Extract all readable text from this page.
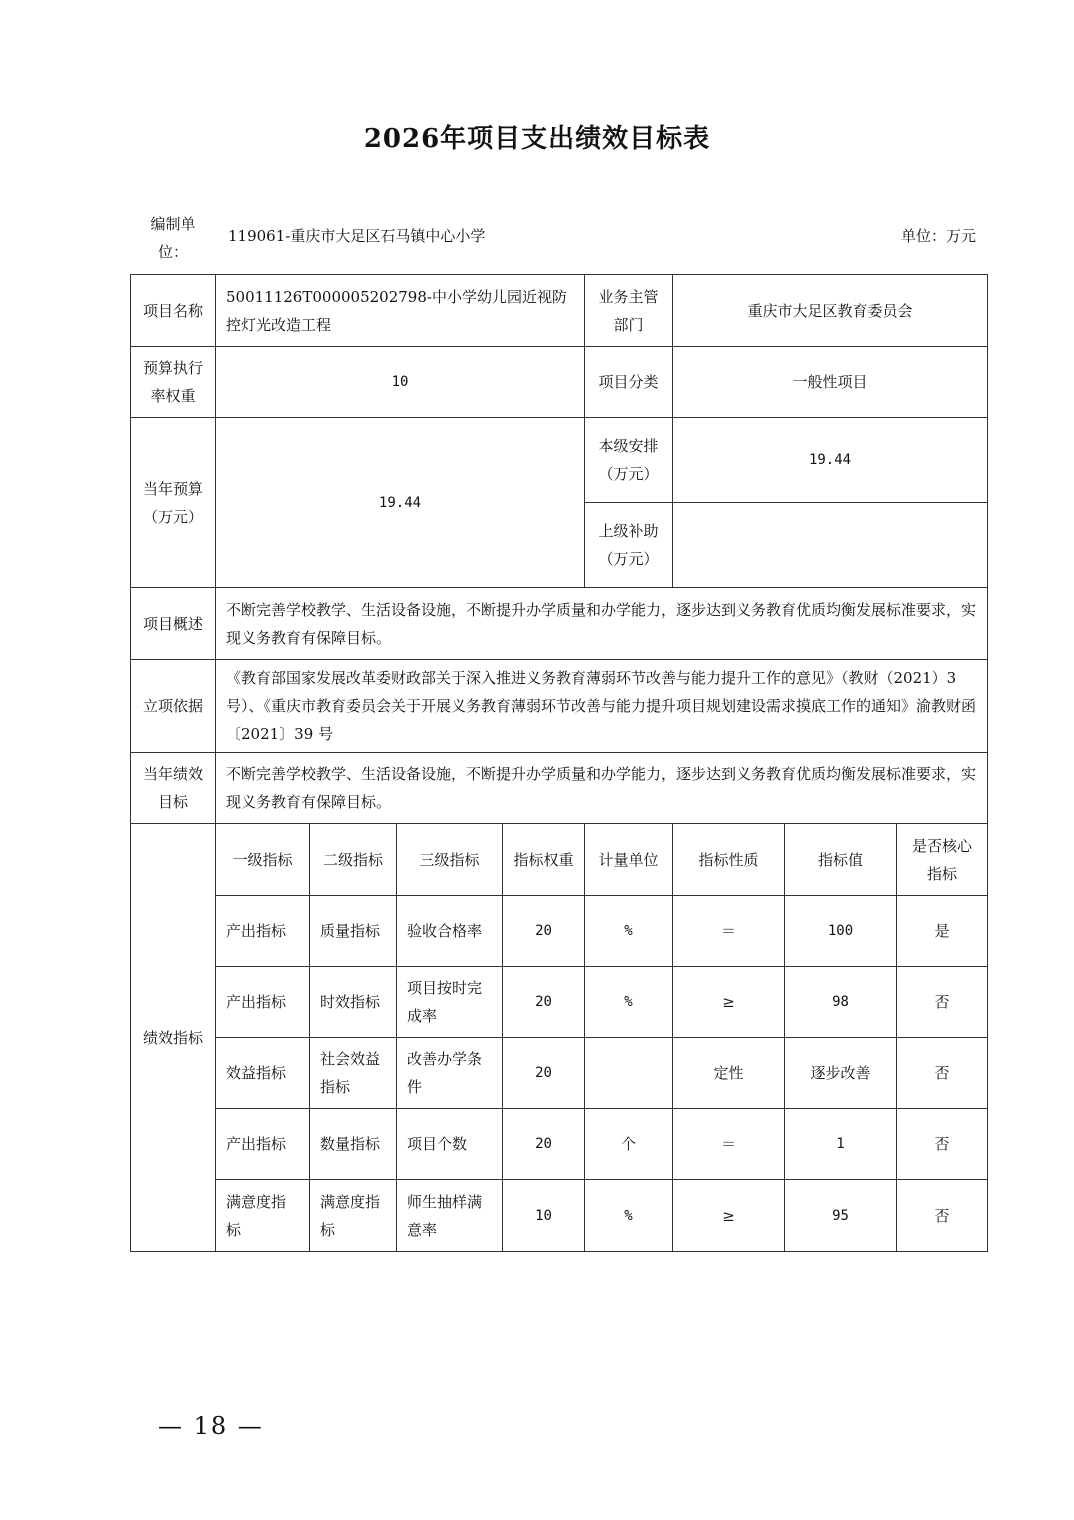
2026年项目支出绩效目标表
编制单位：
119061-重庆市大足区石马镇中心小学	单位：万元
项目名称	50011126T000005202798-中小学幼儿园近视防控灯光改造工程				业务主管部门	重庆市大足区教育委员会		
预算执行率权重	10				项目分类	一般性项目		
当年预算（万元）	19.44				本级安排（万元）	19.44		
					上级补助（万元）			
项目概述	不断完善学校教学、生活设备设施，不断提升办学质量和办学能力，逐步达到义务教育优质均衡发展标准要求，实现义务教育有保障目标。							
立项依据	《教育部国家发展改革委财政部关于深入推进义务教育薄弱环节改善与能力提升工作的意见》（教财（2021）3 号）、《重庆市教育委员会关于开展义务教育薄弱环节改善与能力提升项目规划建设需求摸底工作的通知》渝教财函〔2021〕39 号							
当年绩效目标	不断完善学校教学、生活设备设施，不断提升办学质量和办学能力，逐步达到义务教育优质均衡发展标准要求，实现义务教育有保障目标。							
绩效指标	一级指标	二级指标	三级指标	指标权重	计量单位	指标性质	指标值	是否核心指标
	产出指标	质量指标	验收合格率	20	%	＝	100	是
	产出指标	时效指标	项目按时完成率	20	%	≥	98	否
	效益指标	社会效益指标	改善办学条件	20		定性	逐步改善	否
	产出指标	数量指标	项目个数	20	个	＝	1	否
	满意度指标	满意度指标	师生抽样满意率	10	%	≥	95	否
— 18 —
